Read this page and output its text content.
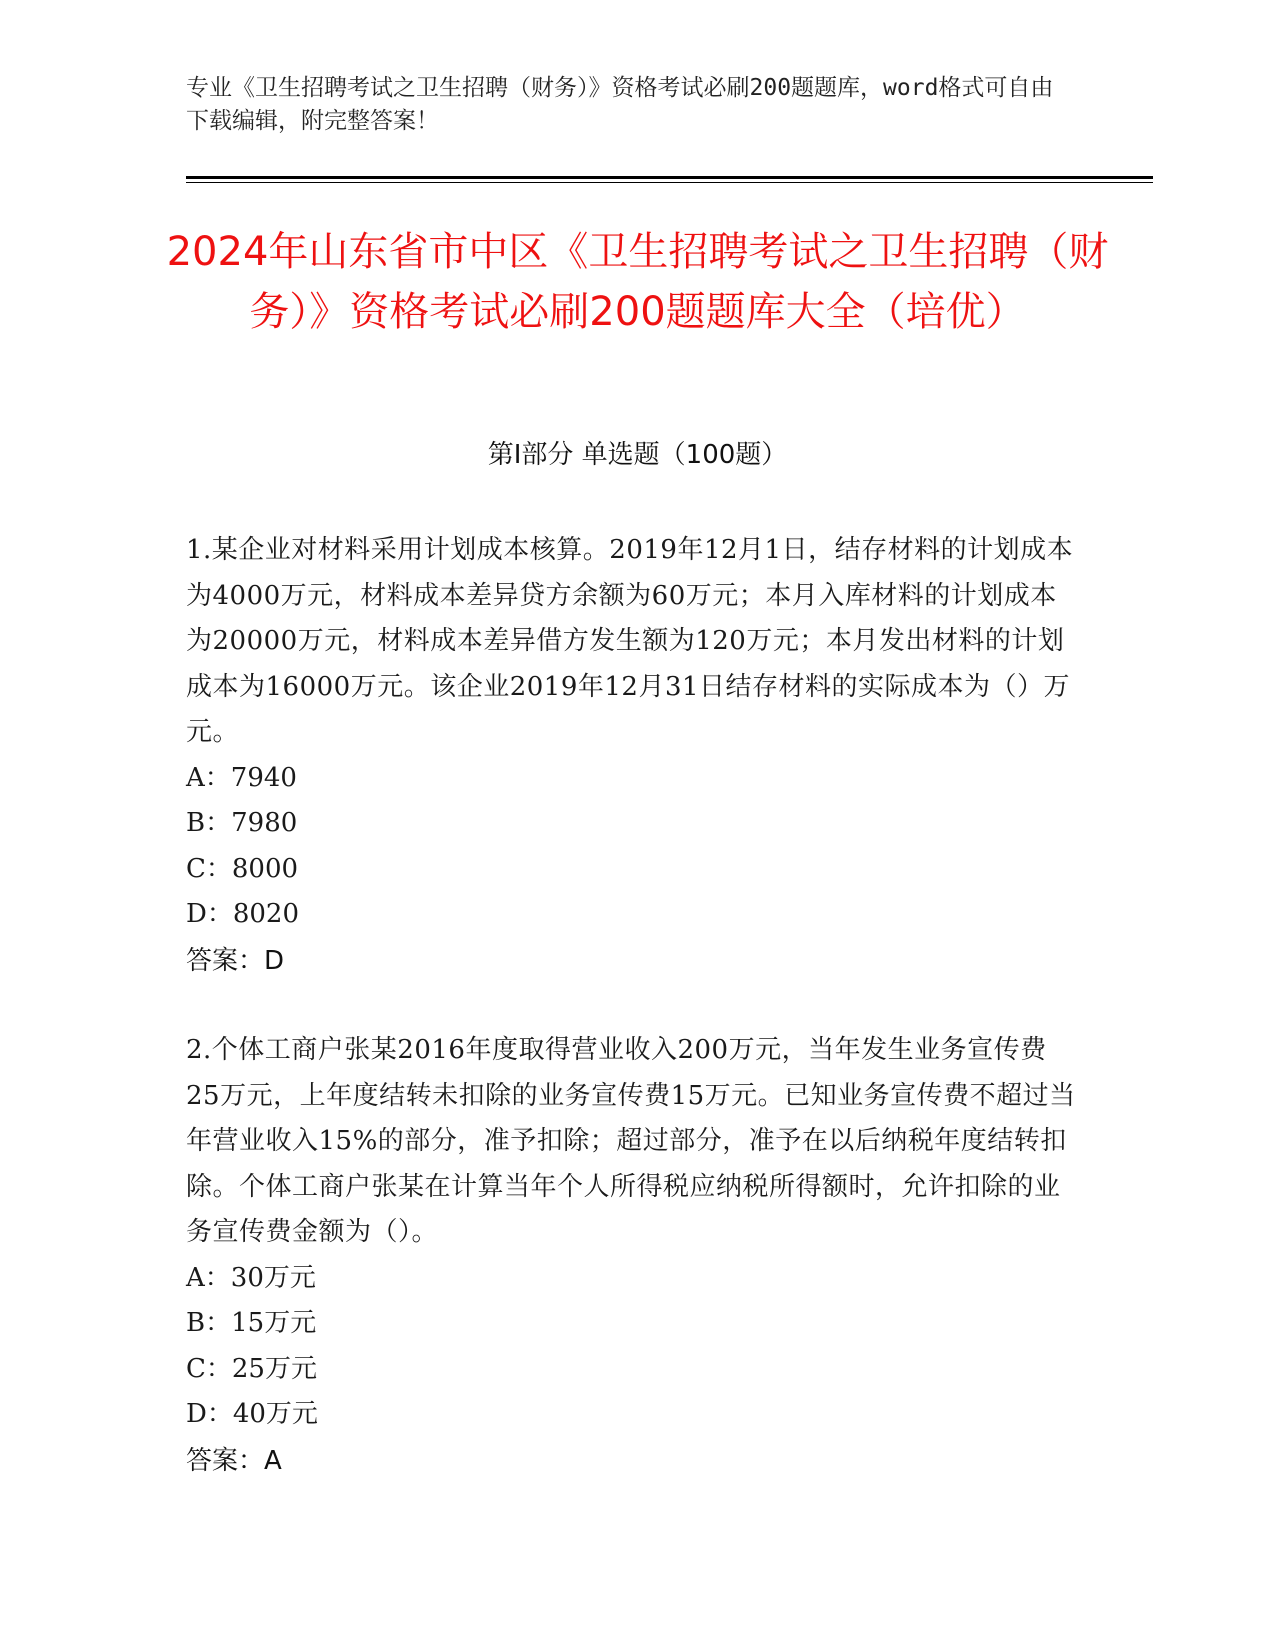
专业《卫生招聘考试之卫生招聘（财务）》资格考试必刷200题题库，word格式可自由下载编辑，附完整答案！
2024年山东省市中区《卫生招聘考试之卫生招聘（财务）》资格考试必刷200题题库大全（培优）
第Ⅰ部分 单选题（100题）
1.某企业对材料采用计划成本核算。2019年12月1日，结存材料的计划成本为4000万元，材料成本差异贷方余额为60万元；本月入库材料的计划成本为20000万元，材料成本差异借方发生额为120万元；本月发出材料的计划成本为16000万元。该企业2019年12月31日结存材料的实际成本为（）万元。
A：7940
B：7980
C：8000
D：8020
答案：D
2.个体工商户张某2016年度取得营业收入200万元，当年发生业务宣传费25万元，上年度结转未扣除的业务宣传费15万元。已知业务宣传费不超过当年营业收入15%的部分，准予扣除；超过部分，准予在以后纳税年度结转扣除。个体工商户张某在计算当年个人所得税应纳税所得额时，允许扣除的业务宣传费金额为（）。
A：30万元
B：15万元
C：25万元
D：40万元
答案：A
